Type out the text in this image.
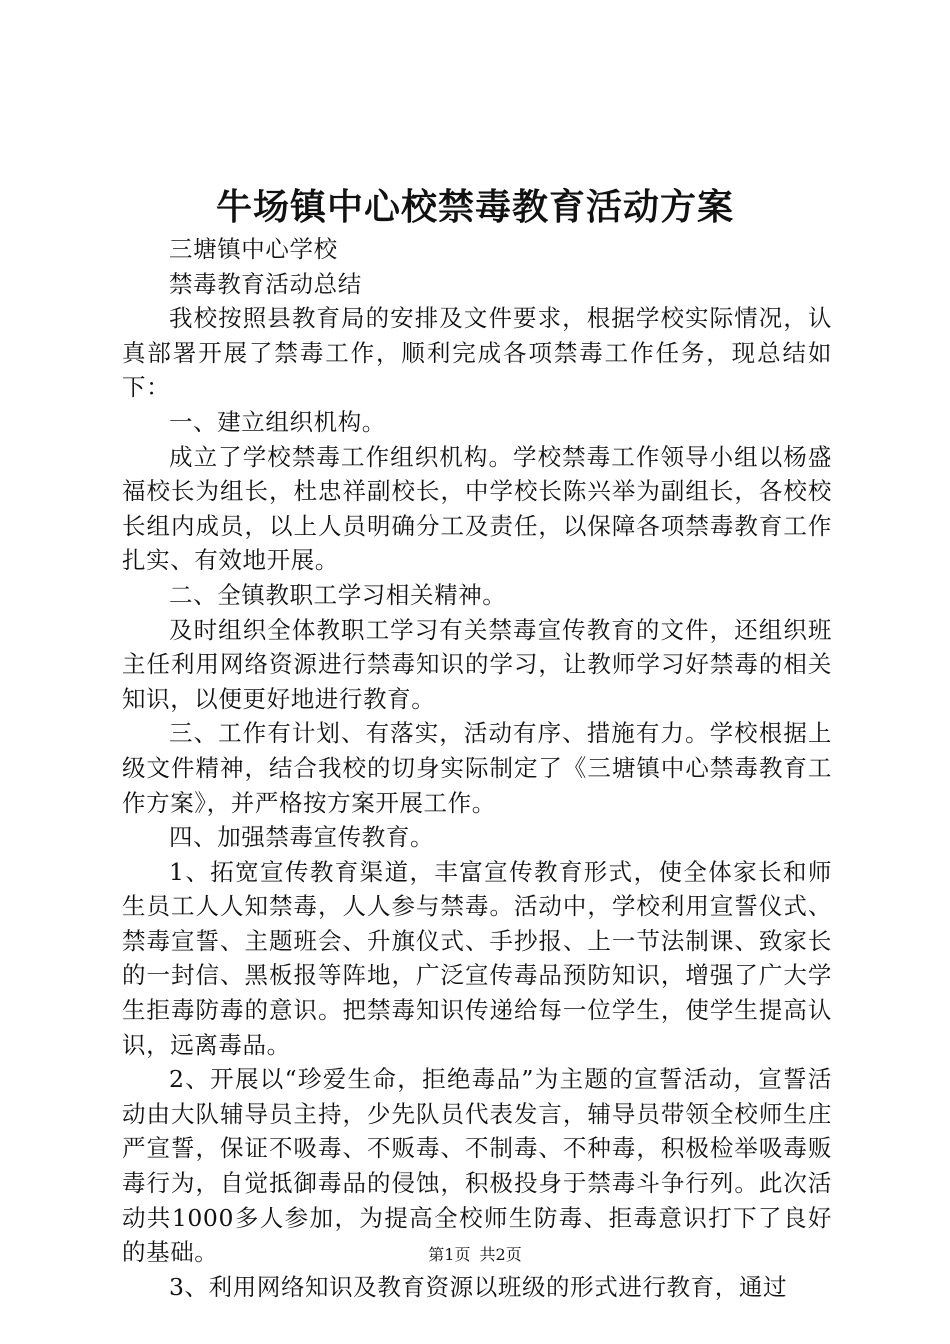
牛场镇中心校禁毒教育活动方案

三塘镇中心学校

禁毒教育活动总结

我校按照县教育局的安排及文件要求，根据学校实际情况，认真部署开展了禁毒工作，顺利完成各项禁毒工作任务，现总结如下：

一、建立组织机构。

成立了学校禁毒工作组织机构。学校禁毒工作领导小组以杨盛福校长为组长，杜忠祥副校长，中学校长陈兴举为副组长，各校校长组内成员，以上人员明确分工及责任，以保障各项禁毒教育工作扎实、有效地开展。

二、全镇教职工学习相关精神。

及时组织全体教职工学习有关禁毒宣传教育的文件，还组织班主任利用网络资源进行禁毒知识的学习，让教师学习好禁毒的相关知识，以便更好地进行教育。

三、工作有计划、有落实，活动有序、措施有力。学校根据上级文件精神，结合我校的切身实际制定了《三塘镇中心禁毒教育工作方案》，并严格按方案开展工作。

四、加强禁毒宣传教育。

1、拓宽宣传教育渠道，丰富宣传教育形式，使全体家长和师生员工人人知禁毒，人人参与禁毒。活动中，学校利用宣誓仪式、禁毒宣誓、主题班会、升旗仪式、手抄报、上一节法制课、致家长的一封信、黑板报等阵地，广泛宣传毒品预防知识，增强了广大学生拒毒防毒的意识。把禁毒知识传递给每一位学生，使学生提高认识，远离毒品。

2、开展以“珍爱生命，拒绝毒品”为主题的宣誓活动，宣誓活动由大队辅导员主持，少先队员代表发言，辅导员带领全校师生庄严宣誓，保证不吸毒、不贩毒、不制毒、不种毒，积极检举吸毒贩毒行为，自觉抵御毒品的侵蚀，积极投身于禁毒斗争行列。此次活动共1000多人参加，为提高全校师生防毒、拒毒意识打下了良好的基础。

3、利用网络知识及教育资源以班级的形式进行教育，通过

第1页 共2页
